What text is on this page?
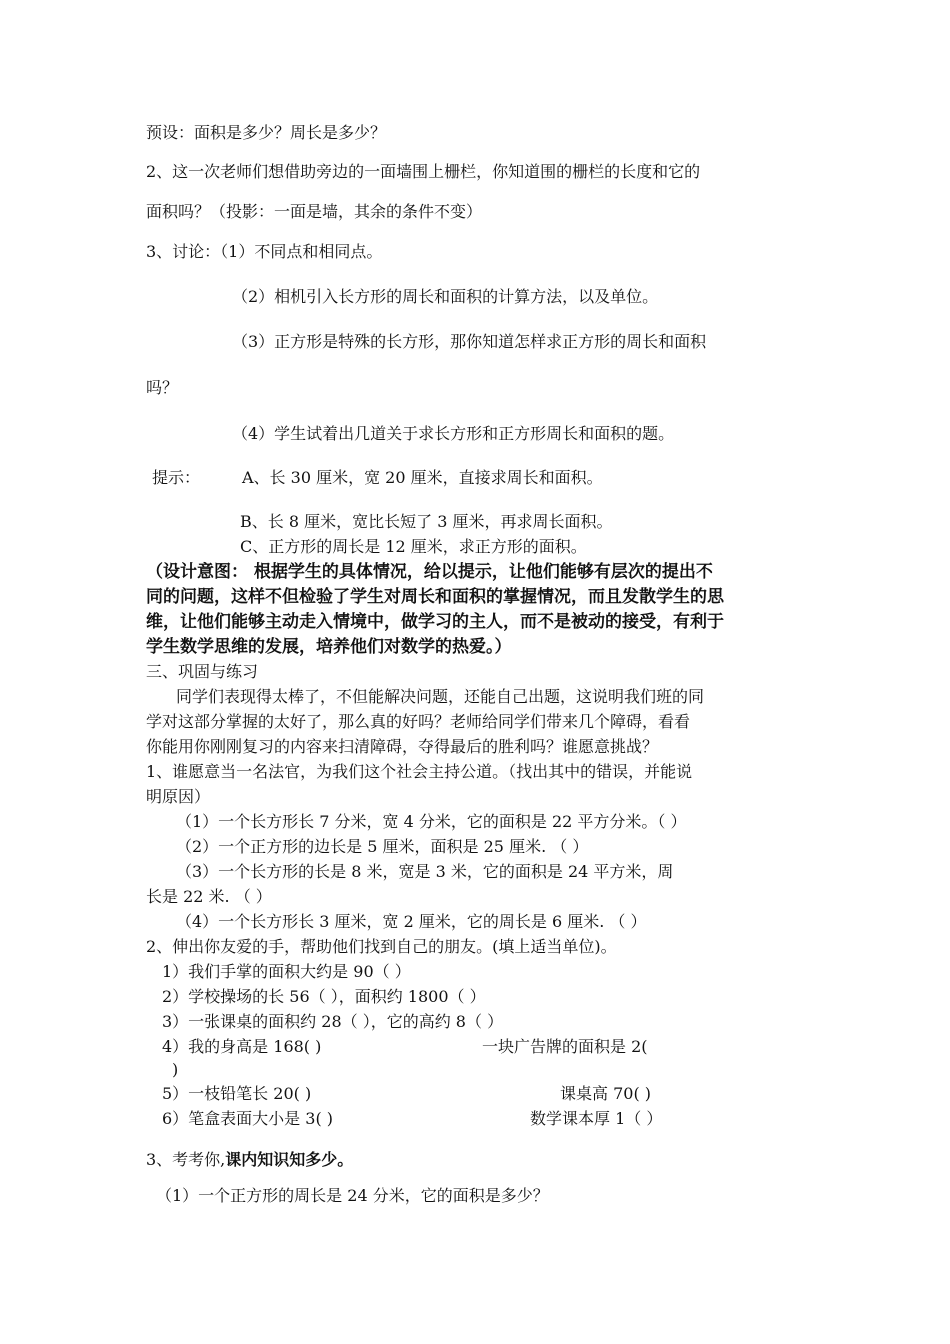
预设：面积是多少？周长是多少？
2、这一次老师们想借助旁边的一面墙围上栅栏，你知道围的栅栏的长度和它的
面积吗？（投影：一面是墙，其余的条件不变）
3、讨论：（1）不同点和相同点。
（2）相机引入长方形的周长和面积的计算方法，以及单位。
（3）正方形是特殊的长方形，那你知道怎样求正方形的周长和面积
吗？
（4）学生试着出几道关于求长方形和正方形周长和面积的题。
提示：	A、长 30 厘米，宽 20 厘米，直接求周长和面积。
B、长 8 厘米，宽比长短了 3 厘米，再求周长面积。
C、正方形的周长是 12 厘米，求正方形的面积。
（设计意图： 根据学生的具体情况，给以提示，让他们能够有层次的提出不
同的问题，这样不但检验了学生对周长和面积的掌握情况，而且发散学生的思
维，让他们能够主动走入情境中，做学习的主人，而不是被动的接受，有利于
学生数学思维的发展，培养他们对数学的热爱。）
三、巩固与练习
同学们表现得太棒了，不但能解决问题，还能自己出题，这说明我们班的同
学对这部分掌握的太好了，那么真的好吗？老师给同学们带来几个障碍，看看
你能用你刚刚复习的内容来扫清障碍，夺得最后的胜利吗？谁愿意挑战？
1、谁愿意当一名法官，为我们这个社会主持公道。（找出其中的错误，并能说
明原因）
（1）一个长方形长 7 分米，宽 4 分米，它的面积是 22 平方分米。（ ）
（2）一个正方形的边长是 5 厘米，面积是 25 厘米. （ ）
（3）一个长方形的长是 8 米，宽是 3 米，它的面积是 24 平方米，周
长是 22 米. （ ）
（4）一个长方形长 3 厘米，宽 2 厘米，它的周长是 6 厘米. （ ）
2、伸出你友爱的手，帮助他们找到自己的朋友。(填上适当单位)。
1）我们手掌的面积大约是 90（ ）
2）学校操场的长 56（ ），面积约 1800（ ）
3）一张课桌的面积约 28（ ），它的高约 8（ ）
4）我的身高是 168( )	一块广告牌的面积是 2(
)
5）一枝铅笔长 20( )	课桌高 70( )
6）笔盒表面大小是 3( )	数学课本厚 1（ ）
3、考考你,课内知识知多少。
（1）一个正方形的周长是 24 分米，它的面积是多少？
